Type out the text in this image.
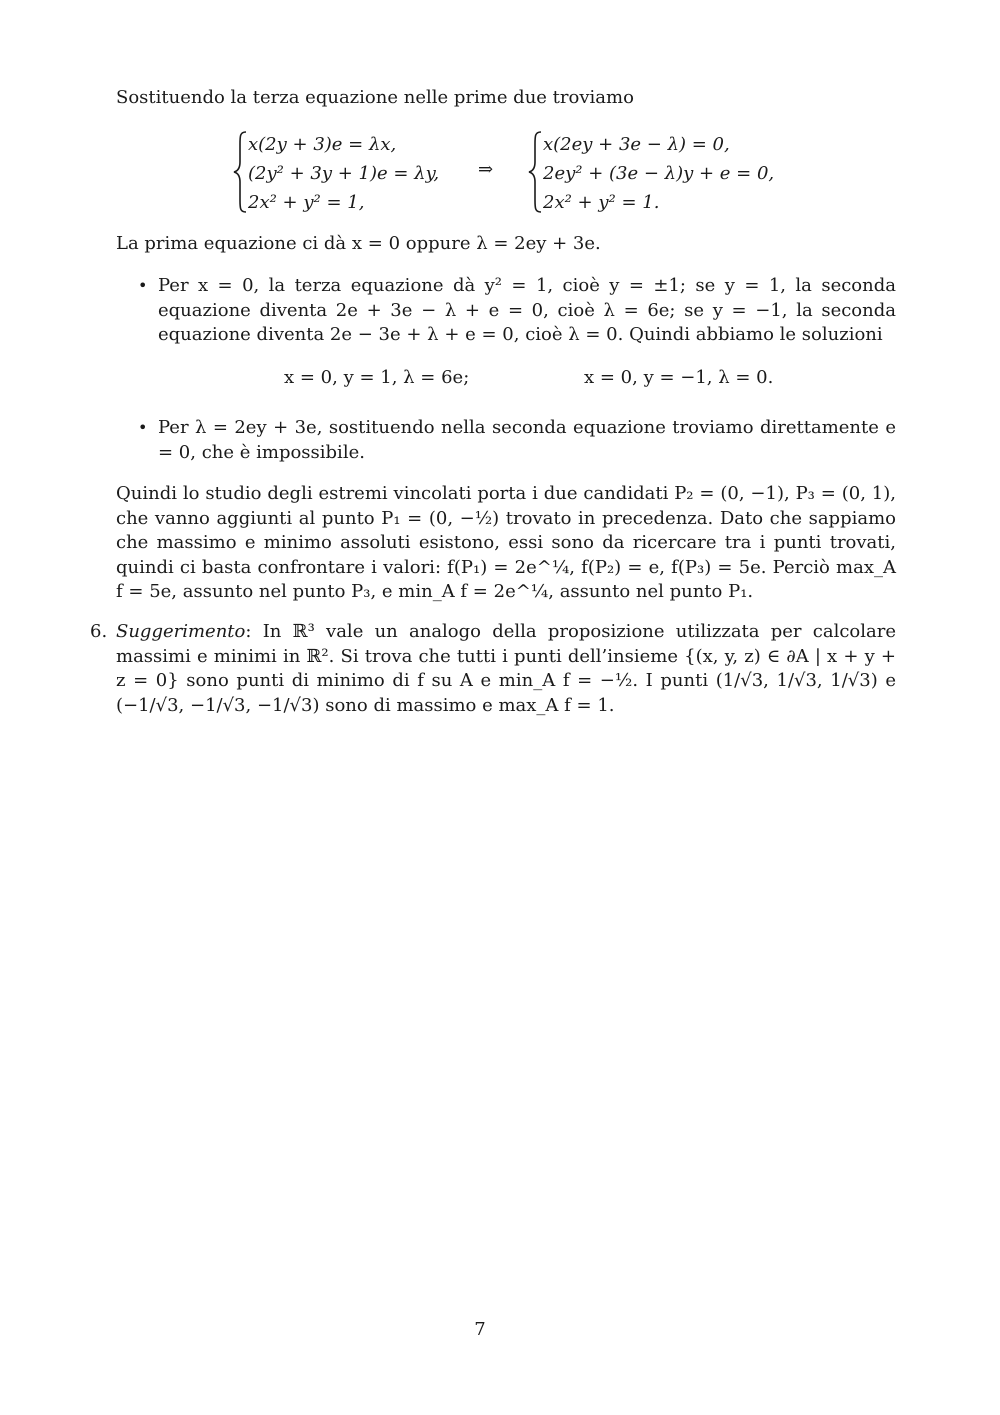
Sostituendo la terza equazione nelle prime due troviamo

x(2y + 3)e = λx,
(2y² + 3y + 1)e = λy,
2x² + y² = 1,
⇒
x(2ey + 3e − λ) = 0,
2ey² + (3e − λ)y + e = 0,
2x² + y² = 1.

La prima equazione ci dà x = 0 oppure λ = 2ey + 3e.

• Per x = 0, la terza equazione dà y² = 1, cioè y = ±1; se y = 1, la seconda equazione diventa 2e + 3e − λ + e = 0, cioè λ = 6e; se y = −1, la seconda equazione diventa 2e − 3e + λ + e = 0, cioè λ = 0. Quindi abbiamo le soluzioni

x = 0, y = 1, λ = 6e;	x = 0, y = −1, λ = 0.
• Per λ = 2ey + 3e, sostituendo nella seconda equazione troviamo direttamente e = 0, che è impossibile.

Quindi lo studio degli estremi vincolati porta i due candidati P₂ = (0, −1), P₃ = (0, 1), che vanno aggiunti al punto P₁ = (0, −½) trovato in precedenza. Dato che sappiamo che massimo e minimo assoluti esistono, essi sono da ricercare tra i punti trovati, quindi ci basta confrontare i valori: f(P₁) = 2e^¼, f(P₂) = e, f(P₃) = 5e. Perciò max_A f = 5e, assunto nel punto P₃, e min_A f = 2e^¼, assunto nel punto P₁.

6. Suggerimento: In ℝ³ vale un analogo della proposizione utilizzata per calcolare massimi e minimi in ℝ². Si trova che tutti i punti dell’insieme {(x, y, z) ∈ ∂A | x + y + z = 0} sono punti di minimo di f su A e min_A f = −½. I punti (1/√3, 1/√3, 1/√3) e (−1/√3, −1/√3, −1/√3) sono di massimo e max_A f = 1.

7
